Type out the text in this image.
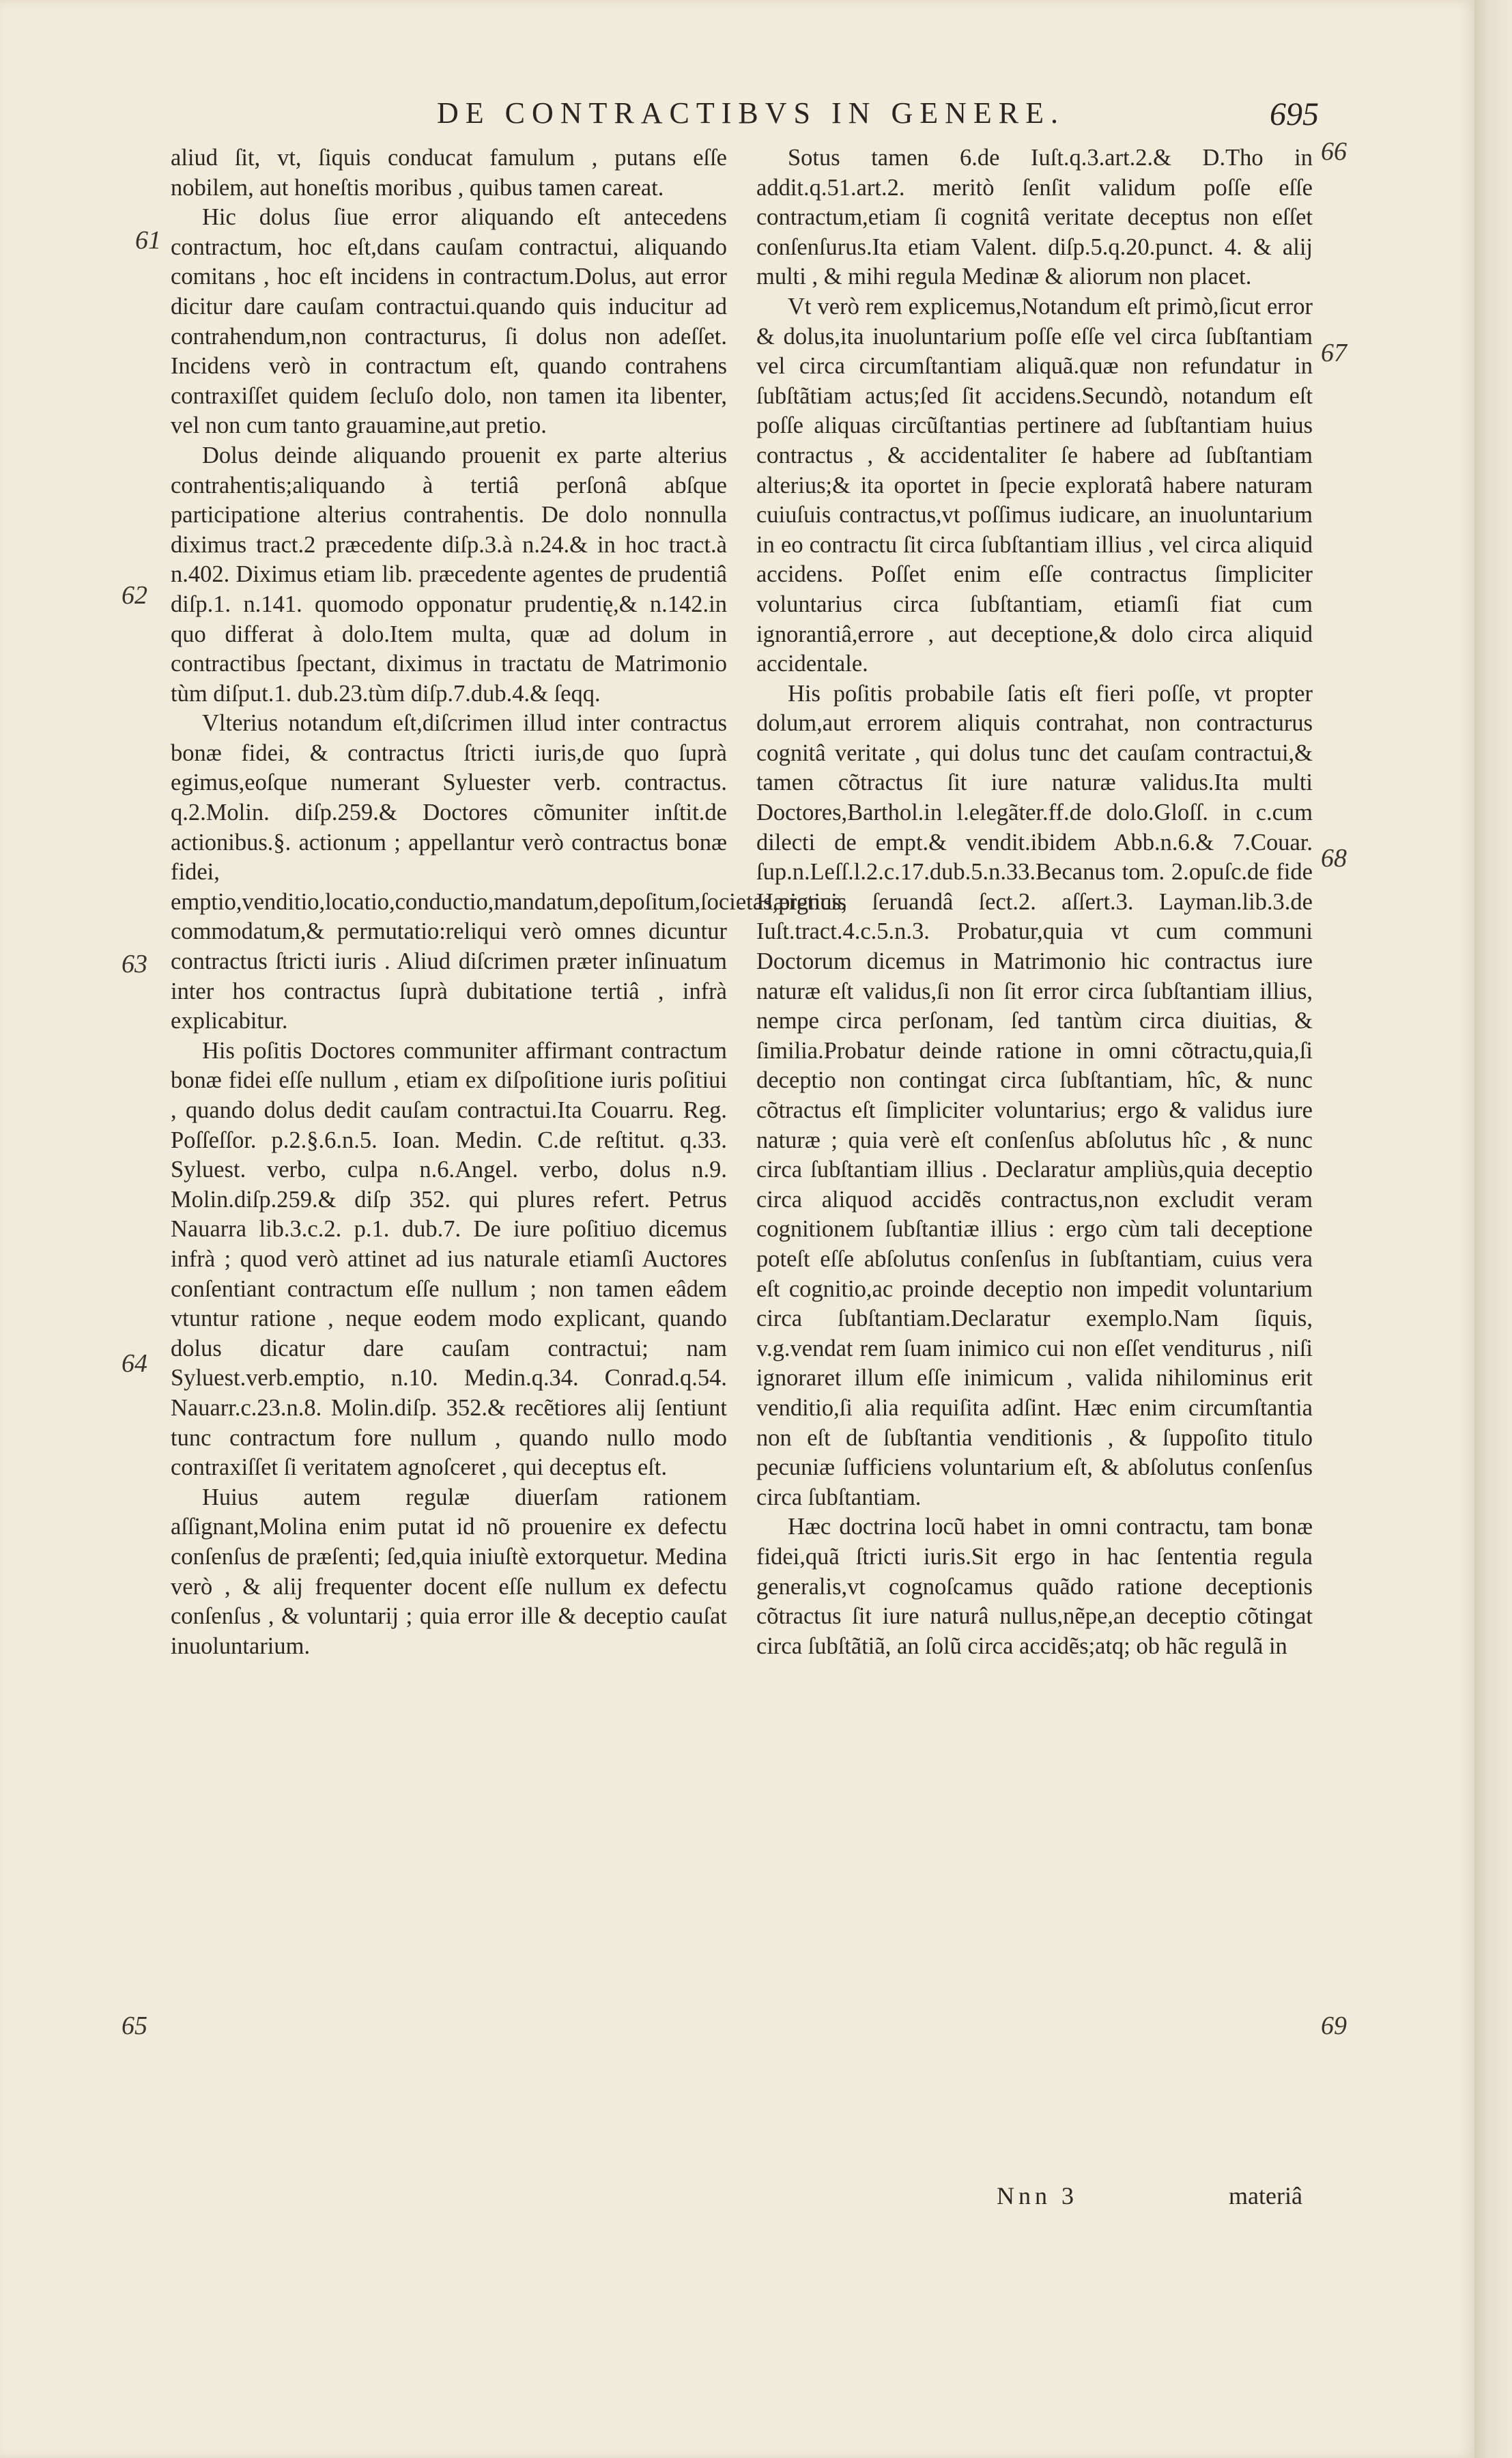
DE CONTRACTIBVS IN GENERE.	695
61
62
63
64
65
66
67
68
69

aliud ſit, vt, ſiquis conducat famulum , putans eſſe nobilem, aut honeſtis moribus , quibus tamen careat.

Hic dolus ſiue error aliquando eſt antecedens contractum, hoc eſt,dans cauſam contractui, aliquando comitans , hoc eſt incidens in contractum.Dolus, aut error dicitur dare cauſam contractui.quando quis inducitur ad contrahendum,non contracturus, ſi dolus non adeſſet. Incidens verò in contractum eſt, quando contrahens contraxiſſet quidem ſecluſo dolo, non tamen ita libenter, vel non cum tanto grauamine,aut pretio.

Dolus deinde aliquando prouenit ex parte alterius contrahentis;aliquando à tertiâ perſonâ abſque participatione alterius contrahentis. De dolo nonnulla diximus tract.2 præcedente diſp.3.à n.24.& in hoc tract.à n.402. Diximus etiam lib. præcedente agentes de prudentiâ diſp.1. n.141. quomodo opponatur prudentię,& n.142.in quo differat à dolo.Item multa, quæ ad dolum in contractibus ſpectant, diximus in tractatu de Matrimonio tùm diſput.1. dub.23.tùm diſp.7.dub.4.& ſeqq.

Vlterius notandum eſt,diſcrimen illud inter contractus bonæ fidei, & contractus ſtricti iuris,de quo ſuprà egimus,eoſque numerant Syluester verb. contractus. q.2.Molin. diſp.259.& Doctores cõmuniter inſtit.de actionibus.§. actionum ; appellantur verò contractus bonæ fidei, emptio,venditio,locatio,conductio,mandatum,depoſitum,ſocietas,pignus, commodatum,& permutatio:reliqui verò omnes dicuntur contractus ſtricti iuris . Aliud diſcrimen præter inſinuatum inter hos contractus ſuprà dubitatione tertiâ , infrà explicabitur.

His poſitis Doctores communiter affirmant contractum bonæ fidei eſſe nullum , etiam ex diſpoſitione iuris poſitiui , quando dolus dedit cauſam contractui.Ita Couarru. Reg. Poſſeſſor. p.2.§.6.n.5. Ioan. Medin. C.de reſtitut. q.33. Syluest. verbo, culpa n.6.Angel. verbo, dolus n.9. Molin.diſp.259.& diſp 352. qui plures refert. Petrus Nauarra lib.3.c.2. p.1. dub.7. De iure poſitiuo dicemus infrà ; quod verò attinet ad ius naturale etiamſi Auctores conſentiant contractum eſſe nullum ; non tamen eâdem vtuntur ratione , neque eodem modo explicant, quando dolus dicatur dare cauſam contractui; nam Syluest.verb.emptio, n.10. Medin.q.34. Conrad.q.54. Nauarr.c.23.n.8. Molin.diſp. 352.& recẽtiores alij ſentiunt tunc contractum fore nullum , quando nullo modo contraxiſſet ſi veritatem agnoſceret , qui deceptus eſt.

Huius autem regulæ diuerſam rationem aſſignant,Molina enim putat id nõ prouenire ex defectu conſenſus de præſenti; ſed,quia iniuſtè extorquetur. Medina verò , & alij frequenter docent eſſe nullum ex defectu conſenſus , & voluntarij ; quia error ille & deceptio cauſat inuoluntarium.

Sotus tamen 6.de Iuſt.q.3.art.2.& D.Tho in addit.q.51.art.2. meritò ſenſit validum poſſe eſſe contractum,etiam ſi cognitâ veritate deceptus non eſſet conſenſurus.Ita etiam Valent. diſp.5.q.20.punct. 4. & alij multi , & mihi regula Medinæ & aliorum non placet.

Vt verò rem explicemus,Notandum eſt primò,ſicut error & dolus,ita inuoluntarium poſſe eſſe vel circa ſubſtantiam vel circa circumſtantiam aliquã.quæ non refundatur in ſubſtãtiam actus;ſed ſit accidens.Secundò, notandum eſt poſſe aliquas circũſtantias pertinere ad ſubſtantiam huius contractus , & accidentaliter ſe habere ad ſubſtantiam alterius;& ita oportet in ſpecie exploratâ habere naturam cuiuſuis contractus,vt poſſimus iudicare, an inuoluntarium in eo contractu ſit circa ſubſtantiam illius , vel circa aliquid accidens. Poſſet enim eſſe contractus ſimpliciter voluntarius circa ſubſtantiam, etiamſi fiat cum ignorantiâ,errore , aut deceptione,& dolo circa aliquid accidentale.

His poſitis probabile ſatis eſt fieri poſſe, vt propter dolum,aut errorem aliquis contrahat, non contracturus cognitâ veritate , qui dolus tunc det cauſam contractui,& tamen cõtractus ſit iure naturæ validus.Ita multi Doctores,Barthol.in l.elegãter.ff.de dolo.Gloſſ. in c.cum dilecti de empt.& vendit.ibidem Abb.n.6.& 7.Couar. ſup.n.Leſſ.l.2.c.17.dub.5.n.33.Becanus tom. 2.opuſc.de fide Hæreticis ſeruandâ ſect.2. aſſert.3. Layman.lib.3.de Iuſt.tract.4.c.5.n.3. Probatur,quia vt cum communi Doctorum dicemus in Matrimonio hic contractus iure naturæ eſt validus,ſi non ſit error circa ſubſtantiam illius, nempe circa perſonam, ſed tantùm circa diuitias, & ſimilia.Probatur deinde ratione in omni cõtractu,quia,ſi deceptio non contingat circa ſubſtantiam, hîc, & nunc cõtractus eſt ſimpliciter voluntarius; ergo & validus iure naturæ ; quia verè eſt conſenſus abſolutus hîc , & nunc circa ſubſtantiam illius . Declaratur ampliùs,quia deceptio circa aliquod accidẽs contractus,non excludit veram cognitionem ſubſtantiæ illius : ergo cùm tali deceptione poteſt eſſe abſolutus conſenſus in ſubſtantiam, cuius vera eſt cognitio,ac proinde deceptio non impedit voluntarium circa ſubſtantiam.Declaratur exemplo.Nam ſiquis, v.g.vendat rem ſuam inimico cui non eſſet venditurus , niſi ignoraret illum eſſe inimicum , valida nihilominus erit venditio,ſi alia requiſita adſint. Hæc enim circumſtantia non eſt de ſubſtantia venditionis , & ſuppoſito titulo pecuniæ ſufficiens voluntarium eſt, & abſolutus conſenſus circa ſubſtantiam.

Hæc doctrina locũ habet in omni contractu, tam bonæ fidei,quã ſtricti iuris.Sit ergo in hac ſententia regula generalis,vt cognoſcamus quãdo ratione deceptionis cõtractus ſit iure naturâ nullus,nẽpe,an deceptio cõtingat circa ſubſtãtiã, an ſolũ circa accidẽs;atq; ob hãc regulã in

Nnn 3	materiâ
